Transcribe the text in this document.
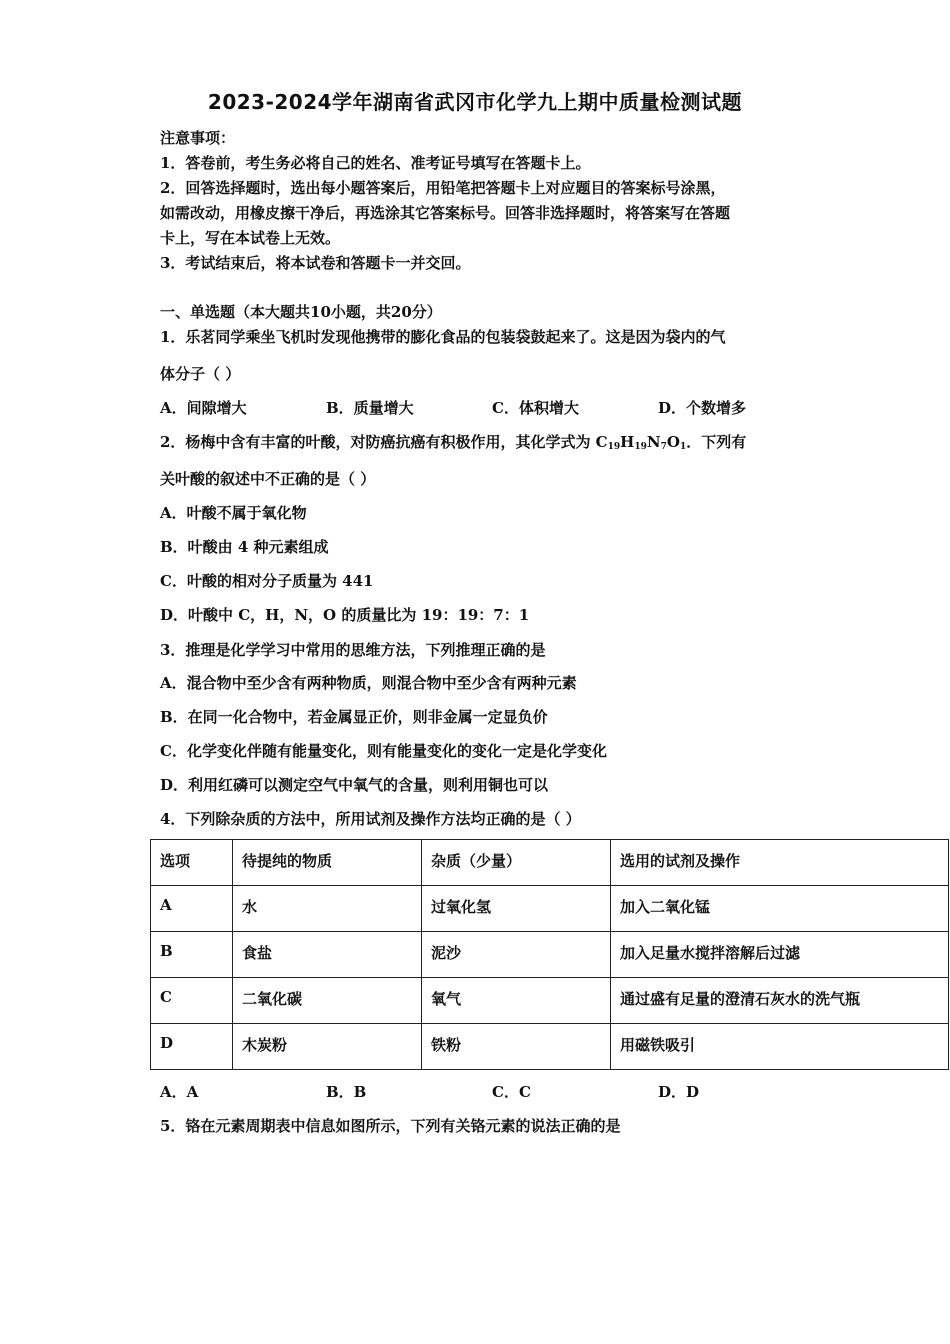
2023-2024学年湖南省武冈市化学九上期中质量检测试题
注意事项：
1．答卷前，考生务必将自己的姓名、准考证号填写在答题卡上。
2．回答选择题时，选出每小题答案后，用铅笔把答题卡上对应题目的答案标号涂黑，
如需改动，用橡皮擦干净后，再选涂其它答案标号。回答非选择题时，将答案写在答题
卡上，写在本试卷上无效。
3．考试结束后，将本试卷和答题卡一并交回。
一、单选题（本大题共10小题，共20分）
1．乐茗同学乘坐飞机时发现他携带的膨化食品的包装袋鼓起来了。这是因为袋内的气
体分子（ ）
A．间隙增大	B．质量增大	C．体积增大	D．个数增多
2．杨梅中含有丰富的叶酸，对防癌抗癌有积极作用，其化学式为 $C_{19}H_{19}N_7O_1$．下列有
关叶酸的叙述中不正确的是（ ）
A．叶酸不属于氧化物
B．叶酸由 4 种元素组成
C．叶酸的相对分子质量为 441
D．叶酸中 C，H，N，O 的质量比为 19：19：7：1
3．推理是化学学习中常用的思维方法，下列推理正确的是
A．混合物中至少含有两种物质，则混合物中至少含有两种元素
B．在同一化合物中，若金属显正价，则非金属一定显负价
C．化学变化伴随有能量变化，则有能量变化的变化一定是化学变化
D．利用红磷可以测定空气中氧气的含量，则利用铜也可以
4．下列除杂质的方法中，所用试剂及操作方法均正确的是（ ）
选项	待提纯的物质	杂质（少量）	选用的试剂及操作
A	水	过氧化氢	加入二氧化锰
B	食盐	泥沙	加入足量水搅拌溶解后过滤
C	二氧化碳	氧气	通过盛有足量的澄清石灰水的洗气瓶
D	木炭粉	铁粉	用磁铁吸引
A．A	B．B	C．C	D．D
5．铬在元素周期表中信息如图所示，下列有关铬元素的说法正确的是
